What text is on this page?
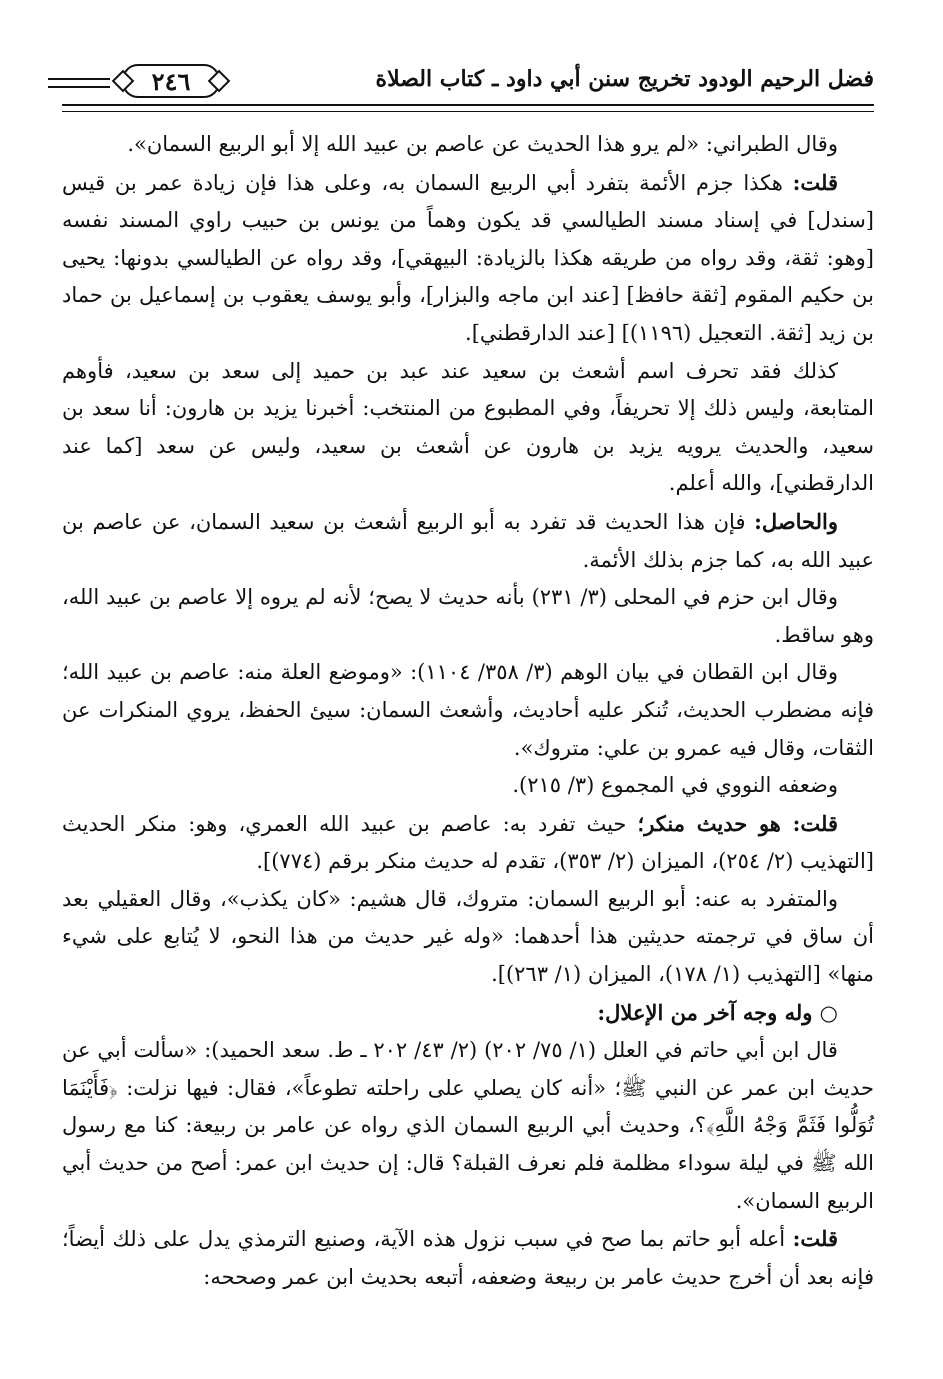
فضل الرحيم الودود تخريج سنن أبي داود ـ كتاب الصلاة
٢٤٦

وقال الطبراني: «لم يرو هذا الحديث عن عاصم بن عبيد الله إلا أبو الربيع السمان».

قلت: هكذا جزم الأئمة بتفرد أبي الربيع السمان به، وعلى هذا فإن زيادة عمر بن قيس [سندل] في إسناد مسند الطيالسي قد يكون وهماً من يونس بن حبيب راوي المسند نفسه [وهو: ثقة، وقد رواه من طريقه هكذا بالزيادة: البيهقي]، وقد رواه عن الطيالسي بدونها: يحيى بن حكيم المقوم [ثقة حافظ] [عند ابن ماجه والبزار]، وأبو يوسف يعقوب بن إسماعيل بن حماد بن زيد [ثقة. التعجيل (١١٩٦)] [عند الدارقطني].

كذلك فقد تحرف اسم أشعث بن سعيد عند عبد بن حميد إلى سعد بن سعيد، فأوهم المتابعة، وليس ذلك إلا تحريفاً، وفي المطبوع من المنتخب: أخبرنا يزيد بن هارون: أنا سعد بن سعيد، والحديث يرويه يزيد بن هارون عن أشعث بن سعيد، وليس عن سعد [كما عند الدارقطني]، والله أعلم.

والحاصل: فإن هذا الحديث قد تفرد به أبو الربيع أشعث بن سعيد السمان، عن عاصم بن عبيد الله به، كما جزم بذلك الأئمة.

وقال ابن حزم في المحلى (٣/ ٢٣١) بأنه حديث لا يصح؛ لأنه لم يروه إلا عاصم بن عبيد الله، وهو ساقط.

وقال ابن القطان في بيان الوهم (٣/ ٣٥٨/ ١١٠٤): «وموضع العلة منه: عاصم بن عبيد الله؛ فإنه مضطرب الحديث، تُنكر عليه أحاديث، وأشعث السمان: سيئ الحفظ، يروي المنكرات عن الثقات، وقال فيه عمرو بن علي: متروك».

وضعفه النووي في المجموع (٣/ ٢١٥).

قلت: هو حديث منكر؛ حيث تفرد به: عاصم بن عبيد الله العمري، وهو: منكر الحديث [التهذيب (٢/ ٢٥٤)، الميزان (٢/ ٣٥٣)، تقدم له حديث منكر برقم (٧٧٤)].

والمتفرد به عنه: أبو الربيع السمان: متروك، قال هشيم: «كان يكذب»، وقال العقيلي بعد أن ساق في ترجمته حديثين هذا أحدهما: «وله غير حديث من هذا النحو، لا يُتابع على شيء منها» [التهذيب (١/ ١٧٨)، الميزان (١/ ٢٦٣)].

○ وله وجه آخر من الإعلال:

قال ابن أبي حاتم في العلل (١/ ٧٥/ ٢٠٢) (٢/ ٤٣/ ٢٠٢ ـ ط. سعد الحميد): «سألت أبي عن حديث ابن عمر عن النبي ﷺ؛ «أنه كان يصلي على راحلته تطوعاً»، فقال: فيها نزلت: ﴿فَأَيْنَمَا تُوَلُّوا فَثَمَّ وَجْهُ اللَّهِ﴾؟، وحديث أبي الربيع السمان الذي رواه عن عامر بن ربيعة: كنا مع رسول الله ﷺ في ليلة سوداء مظلمة فلم نعرف القبلة؟ قال: إن حديث ابن عمر: أصح من حديث أبي الربيع السمان».

قلت: أعله أبو حاتم بما صح في سبب نزول هذه الآية، وصنيع الترمذي يدل على ذلك أيضاً؛ فإنه بعد أن أخرج حديث عامر بن ربيعة وضعفه، أتبعه بحديث ابن عمر وصححه:
